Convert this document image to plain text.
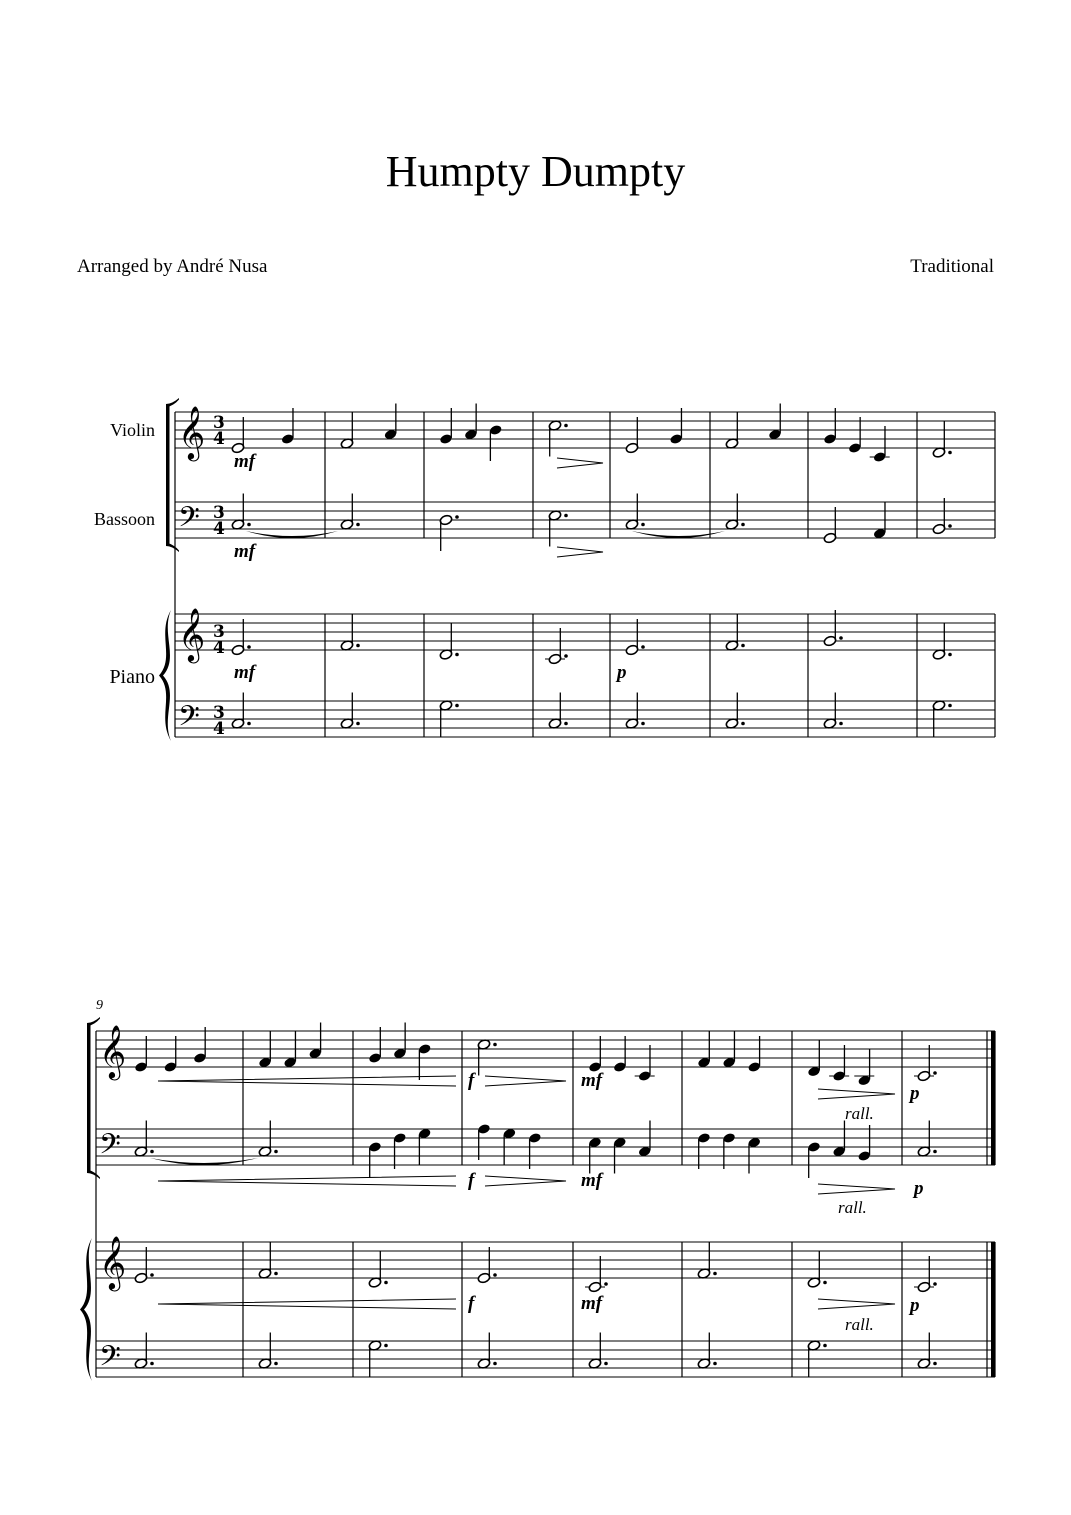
Humpty Dumpty
Arranged by André Nusa	Traditional
𝄞
𝄢
𝄞
𝄢
𝄞
𝄢
𝄞
𝄢
Violin
Bassoon
Piano
9
3
4
3
4
3
4
3
4
mf
mf
mf	p
f	mf
p
rall.
f	mf	p
rall.
f	mf	p
rall.
